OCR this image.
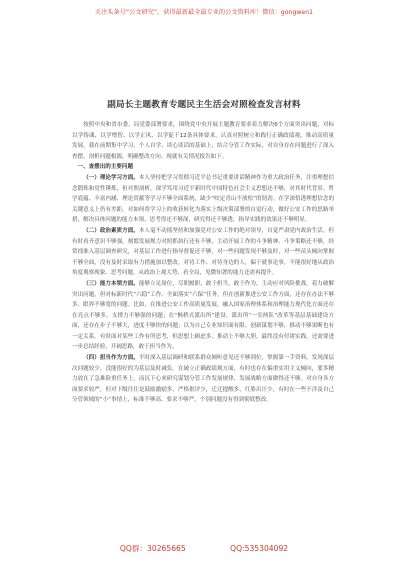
关注头条号“公文研究”，获得最新最全最专业的公文资料库！微信：gongwen1
副局长主题教育专题民主生活会对照检查发言材料

按照中央和省市委、局党委部署要求，围绕党中央开展主题教育要求着力解决6个方面突出问题，对标以学铸魂、以学增智、以学正风、以学促干12条具体要求，认真对照树立和践行正确政绩观，推动高质量发展，我在前期集中学习、个人自学、谈心谈话的基础上，结合分管工作实际，对自身存在问题进行了深入查摆、剖析问题根源，明确整改方向。现就有关情况报告如下。

一、查摆出的主要问题

（一）理论学习方面。本人坚持把学习贯彻习近平总书记重要讲话精神作为重大政治任务，注重理想信念锻炼和党性锤炼，但对照剖析，深学笃用习近平新时代中国特色社会主义思想还不够，对其时代背景、哲学底蕴、丰富内涵、理论贯献等学习不够全面系统，缺少“咬定青山不放松”的韧劲。在学深悟透理想信念的关键意义上仍有差距，对如何将学习上的收获转化为落实上级决策部署的自觉行动，做好公安工作的思路举措，解决具体问题的能力本领，思考得还不够深，研究得还不够透，指导实践的效果还不够明显。

（二）政治素质方面。本人毫不动摇坚持和加强党对公安工作的绝对领导，自觉严肃党内政治生活。但有时看齐意识不够强，刻繁发展规力对照抓执行还有不够，主动开展工作的斗争精神、斗争策略还不够，经常找准入基层调查研究，对基层工作进行指导督促还不够，对一些问题发现不够及时，对一些苗头倾向掌握不够全面，没有及时采取有力措施加以整改。对待工作、对待身边的人，偏于就事论事，不能很好地从政治角度观察现象、思考问题，从政治上观大势、看全局，见微知著的能力还需再提升。

（三）能力本领方面。能够立足岗位，尽职履职，敢于担当，敢于作为，主动应对风险挑战，着力破解突出问题，但对标新时代“六稳”工作、全面落实“六保”任务，但在创新推进公安工作方面，还存在办法不够多、眼界不够宽的问题。比如，在推进公安工作高质量发展，融入国家治理体系和治理能力现代化方面还存在亮点不够多、支撑力不够强的问题；在“枫桥式派出所”建设、派出所“一室两队”改革等基层基础建设方面，还存在步子不够大，进度不够快的问题；以为自己专业知识面有限、创新谋划不够，推动不够果断也有一定关系。有时面对某些工作有所思考，但思想上顾虑多，推动上不够大胆，最终没有付诸实践，还需要进一步总结经验，开阔思路，敢于担当作为。

（四）担当作为方面。平时深入基层调研和联系群众倾听意见还不够到位，掌握第一手资料，发现深层次问题较少，没能很好的为基层及时减负。在破立正确政绩观方面，有时也存在偏重实用主义倾向，要多精力放在了急难险重任务上，而沉下心来研究谋划分管工作发展规律、发展战略方面做得还不够。对自身各方面要求较严，但对下级往往是鼓励激励多，严格批评少，迁迁提醒多，红脸出汗少，有时在一些不涉及自己分管领域的“小”事情上，标准不够高、要求不够严，个别问题没有得到彻底整改。

QQ群：30265665	QQ:535304092
